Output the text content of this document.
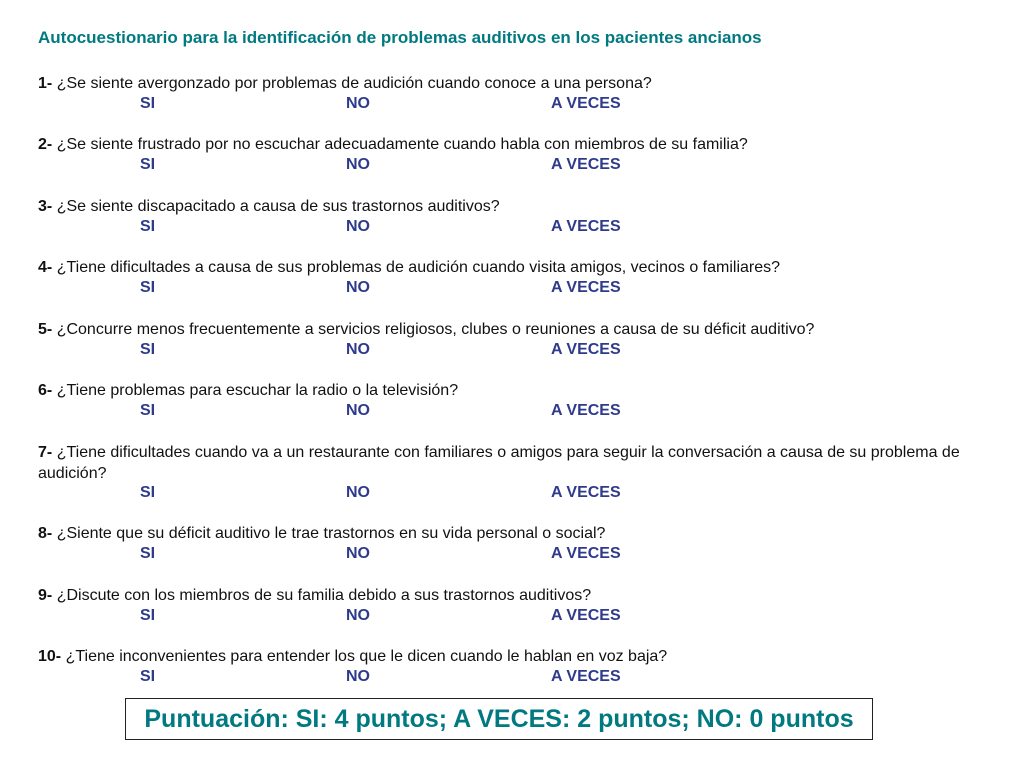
Autocuestionario para la identificación de problemas auditivos en los pacientes ancianos
1- ¿Se siente avergonzado por problemas de audición cuando conoce a una persona?
SI	NO	A VECES
2- ¿Se siente frustrado por no escuchar adecuadamente cuando habla con miembros de su familia?
SI	NO	A VECES
3- ¿Se siente discapacitado a causa de sus trastornos auditivos?
SI	NO	A VECES
4- ¿Tiene dificultades a causa de sus problemas de audición cuando visita amigos, vecinos o familiares?
SI	NO	A VECES
5- ¿Concurre menos frecuentemente a servicios religiosos, clubes o reuniones a causa de su déficit auditivo?
SI	NO	A VECES
6- ¿Tiene problemas para escuchar la radio o la televisión?
SI	NO	A VECES
7- ¿Tiene dificultades cuando va a un restaurante con familiares o amigos para seguir la conversación a causa de su problema de audición?
SI	NO	A VECES
8- ¿Siente que su déficit auditivo le trae trastornos en su vida personal o social?
SI	NO	A VECES
9- ¿Discute con los miembros de su familia debido a sus trastornos auditivos?
SI	NO	A VECES
10- ¿Tiene inconvenientes para entender los que le dicen cuando le hablan en voz baja?
SI	NO	A VECES
Puntuación: SI: 4 puntos; A VECES: 2 puntos; NO: 0 puntos
